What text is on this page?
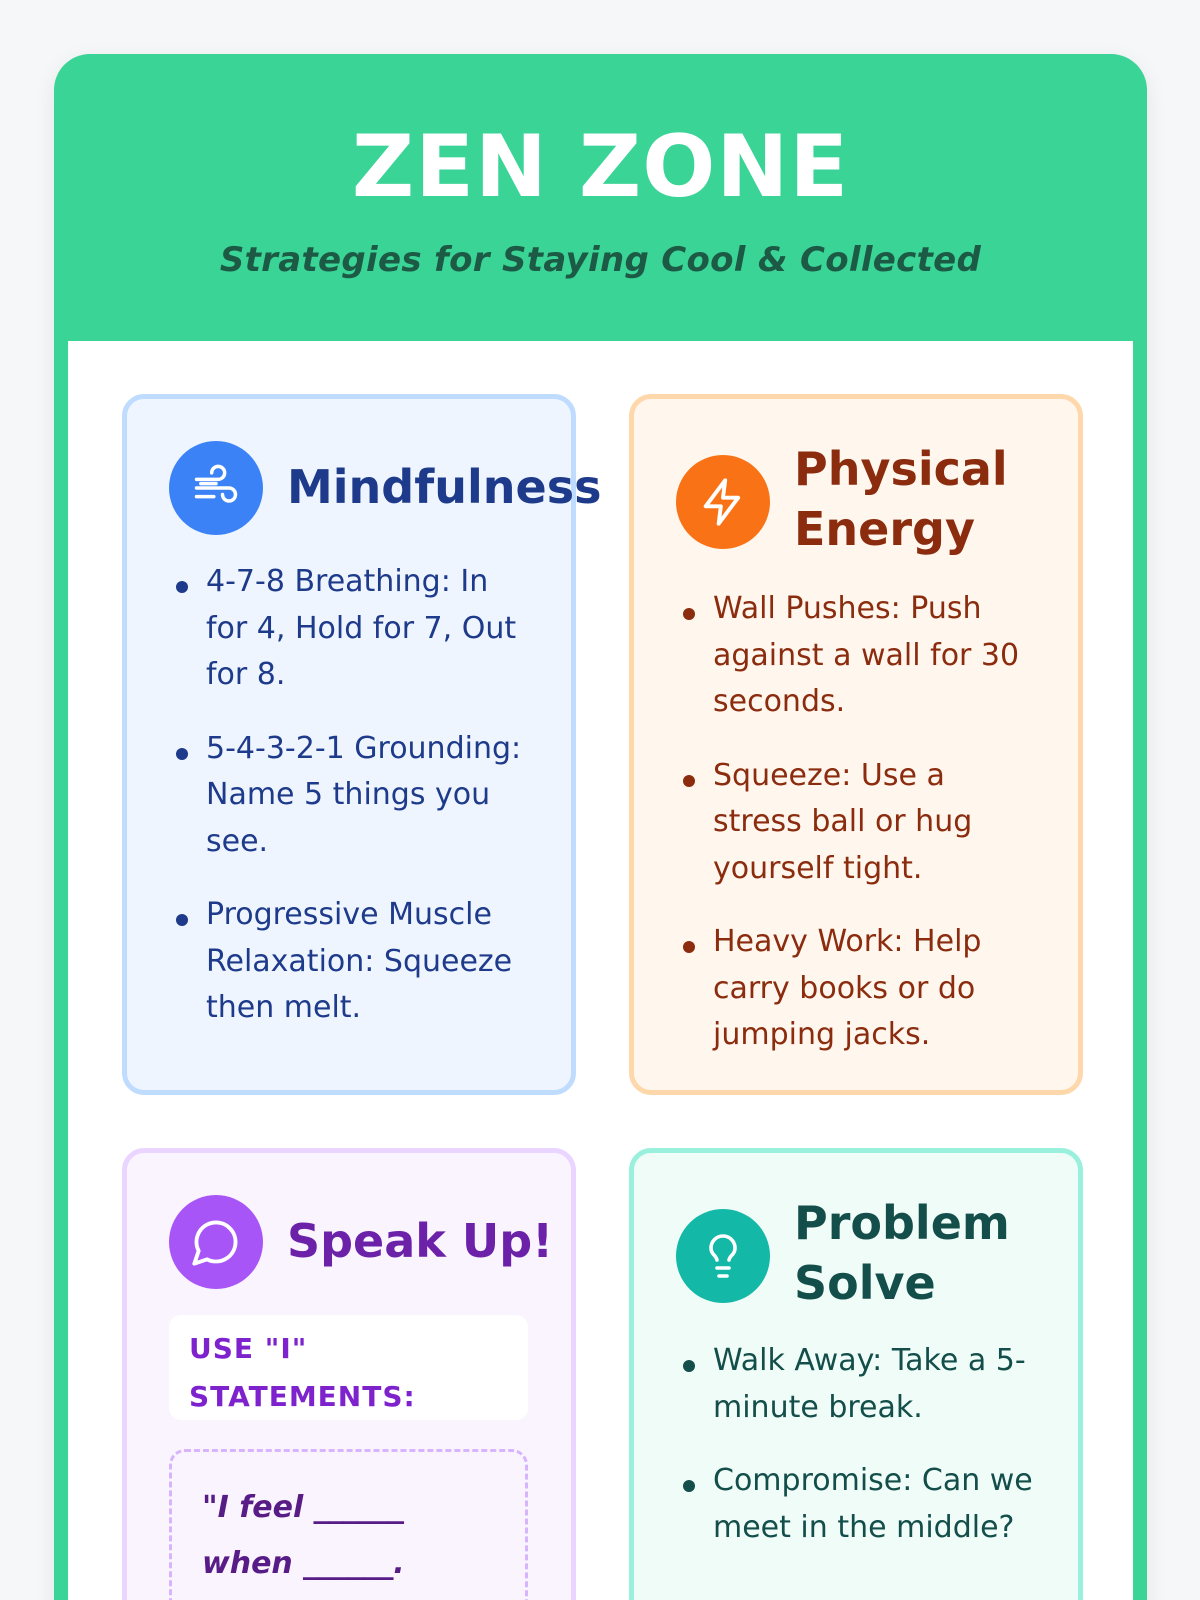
ZEN ZONE
Strategies for Staying Cool & Collected
Mindfulness
4-7-8 Breathing: In for 4, Hold for 7, Out for 8.
5-4-3-2-1 Grounding: Name 5 things you see.
Progressive Muscle Relaxation: Squeeze then melt.
Physical
Energy
Wall Pushes: Push against a wall for 30 seconds.
Squeeze: Use a stress ball or hug yourself tight.
Heavy Work: Help carry books or do jumping jacks.
Speak Up!
USE "I" STATEMENTS:
"I feel ______
when ______.
Problem
Solve
Walk Away: Take a 5-minute break.
Compromise: Can we meet in the middle?
